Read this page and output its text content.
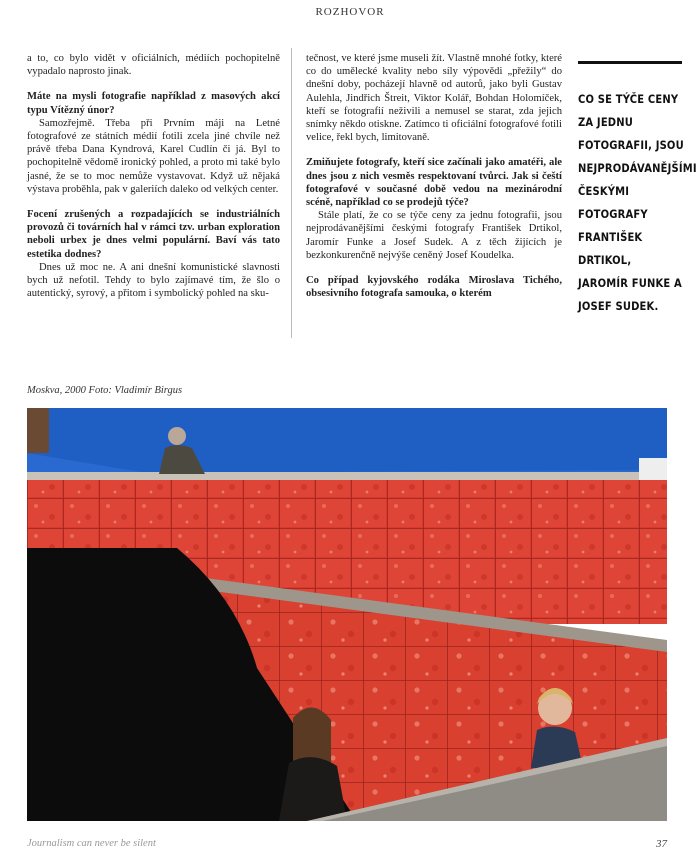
ROZHOVOR

a to, co bylo vidět v oficiálních, médiích pochopitelně vypadalo naprosto jinak.

Máte na mysli fotografie například z masových akcí typu Vítězný únor?

Samozřejmě. Třeba při Prvním máji na Letné fotografové ze státních médií fotili zcela jiné chvíle než právě třeba Dana Kyndrová, Karel Cudlín či já. Byl to pochopitelně vědomě ironický pohled, a proto mi také bylo jasné, že se to moc nemůže vystavovat. Když už nějaká výstava proběhla, pak v galeriích daleko od velkých center.

Focení zrušených a rozpadajících se industriálních provozů či továrních hal v rámci tzv. urban exploration neboli urbex je dnes velmi populární. Baví vás tato estetika dodnes?

Dnes už moc ne. A ani dnešní komunistické slavnosti bych už nefotil. Tehdy to bylo zajímavé tím, že šlo o autentický, syrový, a přitom i symbolický pohled na sku-

tečnost, ve které jsme museli žít. Vlastně mnohé fotky, které co do umělecké kvality nebo síly výpovědi „přežily“ do dnešní doby, pocházejí hlavně od autorů, jako byli Gustav Aulehla, Jindřich Štreit, Viktor Kolář, Bohdan Holomíček, kteří se fotografií neživili a nemusel se starat, zda jejich snímky někdo otiskne. Zatímco ti oficiální fotografové fotili velice, řekl bych, limitovaně.

Zmiňujete fotografy, kteří sice začínali jako amatéři, ale dnes jsou z nich vesměs respektovaní tvůrci. Jak si čeští fotografové v současné době vedou na mezinárodní scéně, například co se prodejů týče?

Stále platí, že co se týče ceny za jednu fotografii, jsou nejprodávanějšími českými fotografy František Drtikol, Jaromír Funke a Josef Sudek. A z těch žijících je bezkonkurenčně nejvýše ceněný Josef Koudelka.

Co případ kyjovského rodáka Miroslava Tichého, obsesivního fotografa samouka, o kterém

CO SE TÝČE CENY ZA JEDNU FOTOGRAFII, JSOU NEJPRODÁVANĚJŠÍMI ČESKÝMI FOTOGRAFY FRANTIŠEK DRTIKOL, JAROMÍR FUNKE A JOSEF SUDEK.
Moskva, 2000 Foto: Vladimír Birgus
Journalism can never be silent	37
